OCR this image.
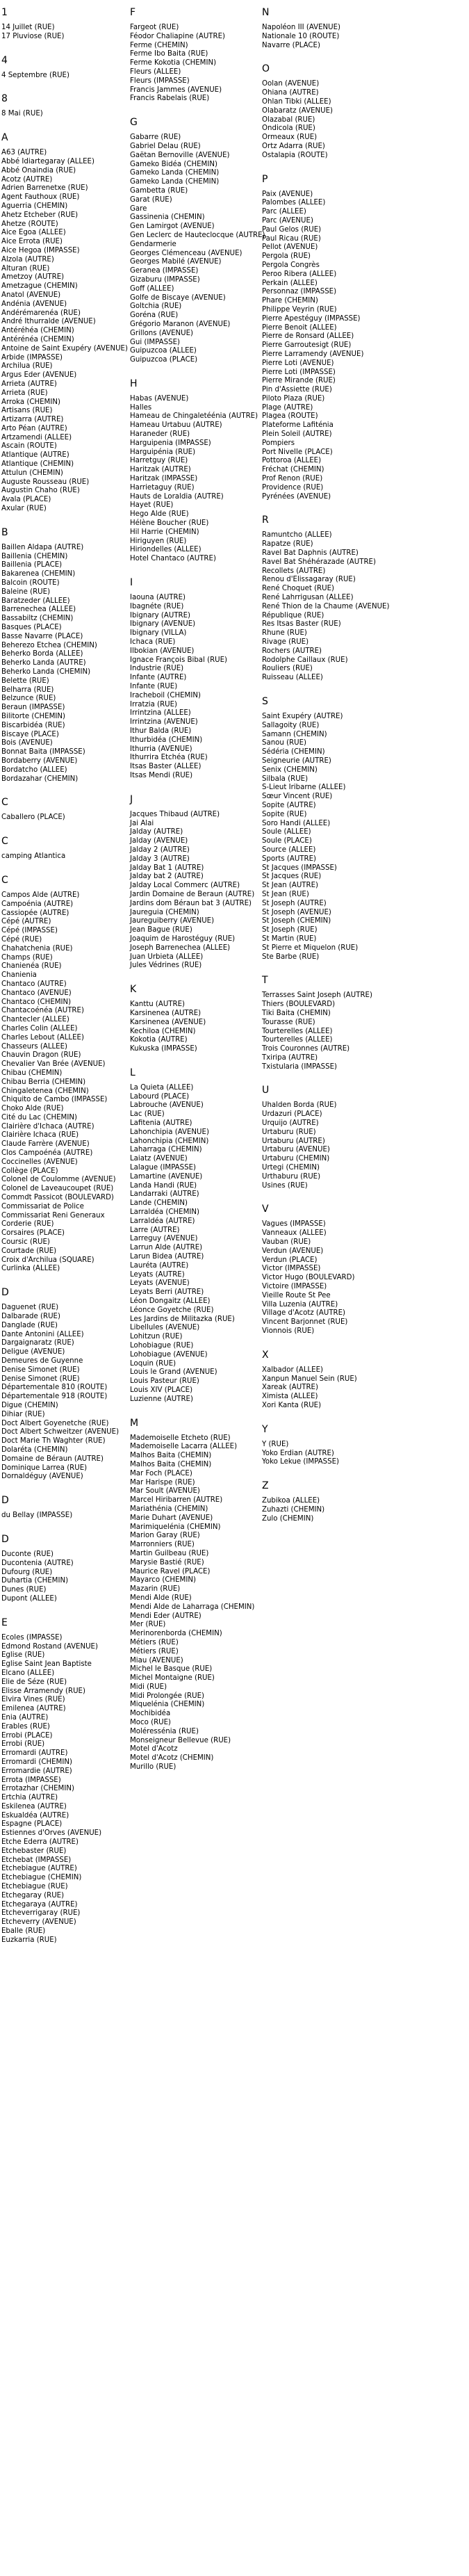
1
14 Juillet (RUE)
17 Pluviose (RUE)
4
4 Septembre (RUE)
8
8 Mai (RUE)
A
A63 (AUTRE)
Abbé Idiartegaray (ALLEE)
Abbé Onaindia (RUE)
Acotz (AUTRE)
Adrien Barrenetxe (RUE)
Agent Fauthoux (RUE)
Aguerria (CHEMIN)
Ahetz Etcheber (RUE)
Ahetze (ROUTE)
Aice Egoa (ALLEE)
Aice Errota (RUE)
Aice Hegoa (IMPASSE)
Alzola (AUTRE)
Alturan (RUE)
Ametzoy (AUTRE)
Ametzague (CHEMIN)
Anatol (AVENUE)
Andénia (AVENUE)
Andérémarenéa (RUE)
André Ithurralde (AVENUE)
Antéréhéa (CHEMIN)
Antérénéa (CHEMIN)
Antoine de Saint Exupéry (AVENUE)
Arbide (IMPASSE)
Archilua (RUE)
Argus Eder (AVENUE)
Arrieta (AUTRE)
Arrieta (RUE)
Arroka (CHEMIN)
Artisans (RUE)
Artizarra (AUTRE)
Arto Péan (AUTRE)
Artzamendi (ALLEE)
Ascain (ROUTE)
Atlantique (AUTRE)
Atlantique (CHEMIN)
Attulun (CHEMIN)
Auguste Rousseau (RUE)
Augustin Chaho (RUE)
Avala (PLACE)
Axular (RUE)
B
Baillen Aldapa (AUTRE)
Baillenia (CHEMIN)
Baillenia (PLACE)
Bakarenea (CHEMIN)
Balcoin (ROUTE)
Baleine (RUE)
Baratzeder (ALLEE)
Barrenechea (ALLEE)
Bassabiltz (CHEMIN)
Basques (PLACE)
Basse Navarre (PLACE)
Beherezo Etchea (CHEMIN)
Beherko Borda (ALLEE)
Beherko Landa (AUTRE)
Beherko Landa (CHEMIN)
Belette (RUE)
Belharra (RUE)
Belzunce (RUE)
Beraun (IMPASSE)
Bilitorte (CHEMIN)
Biscarbidéa (RUE)
Biscaye (PLACE)
Bois (AVENUE)
Bonnat Baita (IMPASSE)
Bordaberry (AVENUE)
Bordatcho (ALLEE)
Bordazahar (CHEMIN)
C
Caballero (PLACE)
C
camping Atlantica
C
Campos Alde (AUTRE)
Campoénia (AUTRE)
Cassiopée (AUTRE)
Cépé (AUTRE)
Cépé (IMPASSE)
Cépé (RUE)
Chahatchenia (RUE)
Champs (RUE)
Chanienéa (RUE)
Chanienia
Chantaco (AUTRE)
Chantaco (AVENUE)
Chantaco (CHEMIN)
Chantacoénéa (AUTRE)
Chantecler (ALLEE)
Charles Colin (ALLEE)
Charles Lebout (ALLEE)
Chasseurs (ALLEE)
Chauvin Dragon (RUE)
Chevalier Van Brée (AVENUE)
Chibau (CHEMIN)
Chibau Berria (CHEMIN)
Chingaletenea (CHEMIN)
Chiquito de Cambo (IMPASSE)
Choko Alde (RUE)
Cité du Lac (CHEMIN)
Clairière d'Ichaca (AUTRE)
Clairière Ichaca (RUE)
Claude Farrère (AVENUE)
Clos Campoénéa (AUTRE)
Coccinelles (AVENUE)
Collège (PLACE)
Colonel de Coulomme (AVENUE)
Colonel de Laveaucoupet (RUE)
Commdt Passicot (BOULEVARD)
Commissariat de Police
Commissariat Reni Generaux
Corderie (RUE)
Corsaires (PLACE)
Coursic (RUE)
Courtade (RUE)
Croix d'Archilua (SQUARE)
Curlinka (ALLEE)
D
Daguenet (RUE)
Dalbarade (RUE)
Danglade (RUE)
Dante Antonini (ALLEE)
Dargaignaratz (RUE)
Deligue (AVENUE)
Demeures de Guyenne
Denise Simonet (RUE)
Denise Simonet (RUE)
Départementale 810 (ROUTE)
Départementale 918 (ROUTE)
Digue (CHEMIN)
Dihiar (RUE)
Doct Albert Goyenetche (RUE)
Doct Albert Schweitzer (AVENUE)
Doct Marie Th Waghter (RUE)
Dolaréta (CHEMIN)
Domaine de Béraun (AUTRE)
Dominique Larrea (RUE)
Dornaldéguy (AVENUE)
D
du Bellay (IMPASSE)
D
Duconte (RUE)
Ducontenia (AUTRE)
Dufourg (RUE)
Duhartia (CHEMIN)
Dunes (RUE)
Dupont (ALLEE)
E
Ecoles (IMPASSE)
Edmond Rostand (AVENUE)
Eglise (RUE)
Eglise Saint Jean Baptiste
Elcano (ALLEE)
Elie de Séze (RUE)
Elisse Arramendy (RUE)
Elvira Vines (RUE)
Emilenea (AUTRE)
Enia (AUTRE)
Erables (RUE)
Errobi (PLACE)
Errobi (RUE)
Erromardi (AUTRE)
Erromardi (CHEMIN)
Erromardie (AUTRE)
Errota (IMPASSE)
Errotazhar (CHEMIN)
Ertchia (AUTRE)
Eskilenea (AUTRE)
Eskualdéa (AUTRE)
Espagne (PLACE)
Estiennes d'Orves (AVENUE)
Etche Ederra (AUTRE)
Etchebaster (RUE)
Etchebat (IMPASSE)
Etchebiague (AUTRE)
Etchebiague (CHEMIN)
Etchebiague (RUE)
Etchegaray (RUE)
Etchegaraya (AUTRE)
Etcheverrigaray (RUE)
Etcheverry (AVENUE)
Eballe (RUE)
Euzkarria (RUE)
F
Fargeot (RUE)
Féodor Chaliapine (AUTRE)
Ferme (CHEMIN)
Ferme Ibo Baita (RUE)
Ferme Kokotia (CHEMIN)
Fleurs (ALLEE)
Fleurs (IMPASSE)
Francis Jammes (AVENUE)
Francis Rabelais (RUE)
G
Gabarre (RUE)
Gabriel Delau (RUE)
Gaëtan Bernoville (AVENUE)
Gameko Bidéa (CHEMIN)
Gameko Landa (CHEMIN)
Gameko Landa (CHEMIN)
Gambetta (RUE)
Garat (RUE)
Gare
Gassinenia (CHEMIN)
Gen Lamirgot (AVENUE)
Gen Leclerc de Hauteclocque (AUTRE)
Gendarmerie
Georges Clémenceau (AVENUE)
Georges Mabilé (AVENUE)
Geranea (IMPASSE)
Gizaburu (IMPASSE)
Goff (ALLEE)
Golfe de Biscaye (AVENUE)
Goltchia (RUE)
Goréna (RUE)
Grégorio Maranon (AVENUE)
Grillons (AVENUE)
Gui (IMPASSE)
Guipuzcoa (ALLEE)
Guipuzcoa (PLACE)
H
Habas (AVENUE)
Halles
Hameau de Chingaletéénia (AUTRE)
Hameau Urtabuu (AUTRE)
Haraneder (RUE)
Harguipenia (IMPASSE)
Harguipénia (RUE)
Harretguy (RUE)
Haritzak (AUTRE)
Haritzak (IMPASSE)
Harrietaguy (RUE)
Hauts de Loraldia (AUTRE)
Hayet (RUE)
Hego Alde (RUE)
Hélène Boucher (RUE)
Hil Harrie (CHEMIN)
Hiriguyen (RUE)
Hiriondelles (ALLEE)
Hotel Chantaco (AUTRE)
I
Iaouna (AUTRE)
Ibagnéte (RUE)
Ibignary (AUTRE)
Ibignary (AVENUE)
Ibignary (VILLA)
Ichaca (RUE)
Ilbokian (AVENUE)
Ignace François Bibal (RUE)
Industrie (RUE)
Infante (AUTRE)
Infante (RUE)
Iracheboil (CHEMIN)
Irratzia (RUE)
Irrintzina (ALLEE)
Irrintzina (AVENUE)
Ithur Balda (RUE)
Ithurbidéa (CHEMIN)
Ithurria (AVENUE)
Ithurrira Etchéa (RUE)
Itsas Baster (ALLEE)
Itsas Mendi (RUE)
J
Jacques Thibaud (AUTRE)
Jai Alai
Jalday (AUTRE)
Jalday (AVENUE)
Jalday 2 (AUTRE)
Jalday 3 (AUTRE)
Jalday Bat 1 (AUTRE)
Jalday bat 2 (AUTRE)
Jalday Local Commerc (AUTRE)
Jardin Domaine de Beraun (AUTRE)
Jardins dom Béraun bat 3 (AUTRE)
Jaureguia (CHEMIN)
Jaureguiberry (AVENUE)
Jean Bague (RUE)
Joaquim de Harostéguy (RUE)
Joseph Barrenechea (ALLEE)
Juan Urbieta (ALLEE)
Jules Védrines (RUE)
K
Kanttu (AUTRE)
Karsinenea (AUTRE)
Karsinenea (AVENUE)
Kechiloa (CHEMIN)
Kokotia (AUTRE)
Kukuska (IMPASSE)
L
La Quieta (ALLEE)
Labourd (PLACE)
Labrouche (AVENUE)
Lac (RUE)
Lafitenia (AUTRE)
Lahonchipia (AVENUE)
Lahonchipia (CHEMIN)
Laharraga (CHEMIN)
Laiatz (AVENUE)
Lalague (IMPASSE)
Lamartine (AVENUE)
Landa Handi (RUE)
Landarraki (AUTRE)
Lande (CHEMIN)
Larraldéa (CHEMIN)
Larraldéa (AUTRE)
Larre (AUTRE)
Larreguy (AVENUE)
Larrun Alde (AUTRE)
Larun Bidea (AUTRE)
Lauréta (AUTRE)
Leyats (AUTRE)
Leyats (AVENUE)
Leyats Berri (AUTRE)
Léon Dongaitz (ALLEE)
Léonce Goyetche (RUE)
Les Jardins de Militazka (RUE)
Libellules (AVENUE)
Lohitzun (RUE)
Lohobiague (RUE)
Lohobiague (AVENUE)
Loquin (RUE)
Louis le Grand (AVENUE)
Louis Pasteur (RUE)
Louis XIV (PLACE)
Luzienne (AUTRE)
M
Mademoiselle Etcheto (RUE)
Mademoiselle Lacarra (ALLEE)
Malhos Baita (CHEMIN)
Malhos Baita (CHEMIN)
Mar Foch (PLACE)
Mar Harispe (RUE)
Mar Soult (AVENUE)
Marcel Hiribarren (AUTRE)
Mariathénia (CHEMIN)
Marie Duhart (AVENUE)
Marimiquelénia (CHEMIN)
Marion Garay (RUE)
Marronniers (RUE)
Martin Guilbeau (RUE)
Marysie Bastié (RUE)
Maurice Ravel (PLACE)
Mayarco (CHEMIN)
Mazarin (RUE)
Mendi Alde (RUE)
Mendi Alde de Laharraga (CHEMIN)
Mendi Eder (AUTRE)
Mer (RUE)
Merinorenborda (CHEMIN)
Métiers (RUE)
Métiers (RUE)
Miau (AVENUE)
Michel le Basque (RUE)
Michel Montaigne (RUE)
Midi (RUE)
Midi Prolongée (RUE)
Miquelénia (CHEMIN)
Mochibidéa
Moco (RUE)
Moléressénia (RUE)
Monseigneur Bellevue (RUE)
Motel d'Acotz
Motel d'Acotz (CHEMIN)
Murillo (RUE)
N
Napoléon III (AVENUE)
Nationale 10 (ROUTE)
Navarre (PLACE)
O
Oolan (AVENUE)
Ohiana (AUTRE)
Ohlan Tibki (ALLEE)
Olabaratz (AVENUE)
Olazabal (RUE)
Ondicola (RUE)
Ormeaux (RUE)
Ortz Adarra (RUE)
Ostalapia (ROUTE)
P
Paix (AVENUE)
Palombes (ALLEE)
Parc (ALLEE)
Parc (AVENUE)
Paul Gelos (RUE)
Paul Ricau (RUE)
Pellot (AVENUE)
Pergola (RUE)
Pergola Congrès
Peroo Ribera (ALLEE)
Perkain (ALLEE)
Personnaz (IMPASSE)
Phare (CHEMIN)
Philippe Veyrin (RUE)
Pierre Apestéguy (IMPASSE)
Pierre Benoit (ALLEE)
Pierre de Ronsard (ALLEE)
Pierre Garroutesigt (RUE)
Pierre Larramendy (AVENUE)
Pierre Loti (AVENUE)
Pierre Loti (IMPASSE)
Pierre Mirande (RUE)
Pin d'Assiette (RUE)
Piloto Plaza (RUE)
Plage (AUTRE)
Plagea (ROUTE)
Plateforme Lafiténia
Plein Soleil (AUTRE)
Pompiers
Port Nivelle (PLACE)
Pottoroa (ALLEE)
Fréchat (CHEMIN)
Prof Renon (RUE)
Providence (RUE)
Pyrénées (AVENUE)
R
Ramuntcho (ALLEE)
Rapatze (RUE)
Ravel Bat Daphnis (AUTRE)
Ravel Bat Shéhérazade (AUTRE)
Recollets (AUTRE)
Renou d'Elissagaray (RUE)
René Choquet (RUE)
René Lahrrigusan (ALLEE)
René Thion de la Chaume (AVENUE)
République (RUE)
Res Itsas Baster (RUE)
Rhune (RUE)
Rivage (RUE)
Rochers (AUTRE)
Rodolphe Caillaux (RUE)
Rouliers (RUE)
Ruisseau (ALLEE)
S
Saint Exupéry (AUTRE)
Sallagoity (RUE)
Samann (CHEMIN)
Sanou (RUE)
Sédéria (CHEMIN)
Seigneurie (AUTRE)
Senix (CHEMIN)
Silbala (RUE)
S-Lieut Iribarne (ALLEE)
Sœur Vincent (RUE)
Sopite (AUTRE)
Sopite (RUE)
Soro Handi (ALLEE)
Soule (ALLEE)
Soule (PLACE)
Source (ALLEE)
Sports (AUTRE)
St Jacques (IMPASSE)
St Jacques (RUE)
St Jean (AUTRE)
St Jean (RUE)
St Joseph (AUTRE)
St Joseph (AVENUE)
St Joseph (CHEMIN)
St Joseph (RUE)
St Martin (RUE)
St Pierre et Miquelon (RUE)
Ste Barbe (RUE)
T
Terrasses Saint Joseph (AUTRE)
Thiers (BOULEVARD)
Tiki Baita (CHEMIN)
Tourasse (RUE)
Tourterelles (ALLEE)
Tourterelles (ALLEE)
Trois Couronnes (AUTRE)
Txiripa (AUTRE)
Txistularia (IMPASSE)
U
Uhalden Borda (RUE)
Urdazuri (PLACE)
Urquijo (AUTRE)
Urtaburu (RUE)
Urtaburu (AUTRE)
Urtaburu (AVENUE)
Urtaburu (CHEMIN)
Urtegi (CHEMIN)
Urthaburu (RUE)
Usines (RUE)
V
Vagues (IMPASSE)
Vanneaux (ALLEE)
Vauban (RUE)
Verdun (AVENUE)
Verdun (PLACE)
Victor (IMPASSE)
Victor Hugo (BOULEVARD)
Victoire (IMPASSE)
Vieille Route St Pee
Villa Luzenia (AUTRE)
Village d'Acotz (AUTRE)
Vincent Barjonnet (RUE)
Vionnois (RUE)
X
Xalbador (ALLEE)
Xanpun Manuel Sein (RUE)
Xareak (AUTRE)
Ximista (ALLEE)
Xori Kanta (RUE)
Y
Y (RUE)
Yoko Erdian (AUTRE)
Yoko Lekue (IMPASSE)
Z
Zubikoa (ALLEE)
Zuhazti (CHEMIN)
Zulo (CHEMIN)
